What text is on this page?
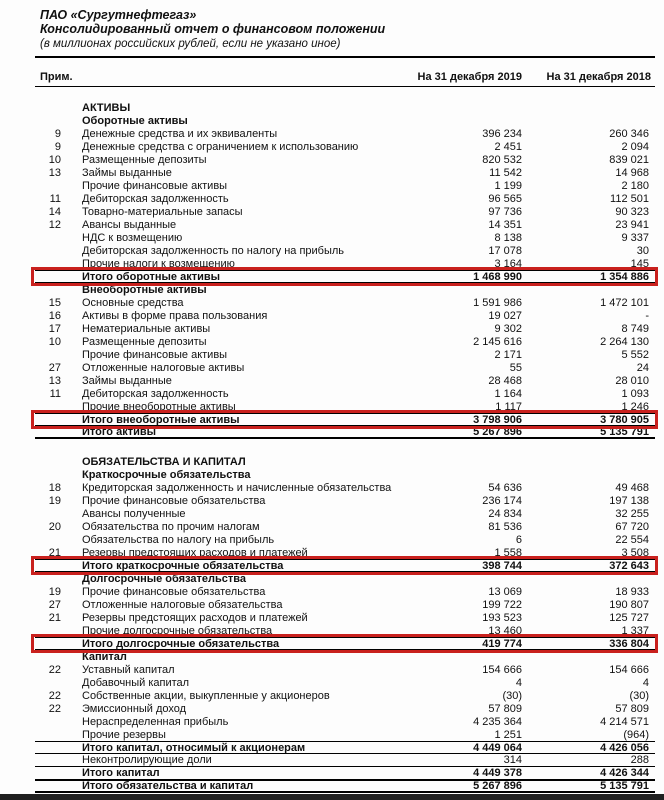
ПАО «Сургутнефтегаз»
Консолидированный отчет о финансовом положении
(в миллионах российских рублей, если не указано иное)
Прим.	На 31 декабря 2019	На 31 декабря 2018
АКТИВЫ
Оборотные активы
9	Денежные средства и их эквиваленты	396 234	260 346
9	Денежные средства с ограничением к использованию	2 451	2 094
10	Размещенные депозиты	820 532	839 021
13	Займы выданные	11 542	14 968
Прочие финансовые активы	1 199	2 180
11	Дебиторская задолженность	96 565	112 501
14	Товарно-материальные запасы	97 736	90 323
12	Авансы выданные	14 351	23 941
НДС к возмещению	8 138	9 337
Дебиторская задолженность по налогу на прибыль	17 078	30
Прочие налоги к возмещению	3 164	145
Итого оборотные активы	1 468 990	1 354 886
Внеоборотные активы
15	Основные средства	1 591 986	1 472 101
16	Активы в форме права пользования	19 027	-
17	Нематериальные активы	9 302	8 749
10	Размещенные депозиты	2 145 616	2 264 130
Прочие финансовые активы	2 171	5 552
27	Отложенные налоговые активы	55	24
13	Займы выданные	28 468	28 010
11	Дебиторская задолженность	1 164	1 093
Прочие внеоборотные активы	1 117	1 246
Итого внеоборотные активы	3 798 906	3 780 905
Итого активы	5 267 896	5 135 791
ОБЯЗАТЕЛЬСТВА И КАПИТАЛ
Краткосрочные обязательства
18	Кредиторская задолженность и начисленные обязательства	54 636	49 468
19	Прочие финансовые обязательства	236 174	197 138
Авансы полученные	24 834	32 255
20	Обязательства по прочим налогам	81 536	67 720
Обязательства по налогу на прибыль	6	22 554
21	Резервы предстоящих расходов и платежей	1 558	3 508
Итого краткосрочные обязательства	398 744	372 643
Долгосрочные обязательства
19	Прочие финансовые обязательства	13 069	18 933
27	Отложенные налоговые обязательства	199 722	190 807
21	Резервы предстоящих расходов и платежей	193 523	125 727
Прочие долгосрочные обязательства	13 460	1 337
Итого долгосрочные обязательства	419 774	336 804
Капитал
22	Уставный капитал	154 666	154 666
Добавочный капитал	4	4
22	Собственные акции, выкупленные у акционеров	(30)	(30)
22	Эмиссионный доход	57 809	57 809
Нераспределенная прибыль	4 235 364	4 214 571
Прочие резервы	1 251	(964)
Итого капитал, относимый к акционерам	4 449 064	4 426 056
Неконтролирующие доли	314	288
Итого капитал	4 449 378	4 426 344
Итого обязательства и капитал	5 267 896	5 135 791
